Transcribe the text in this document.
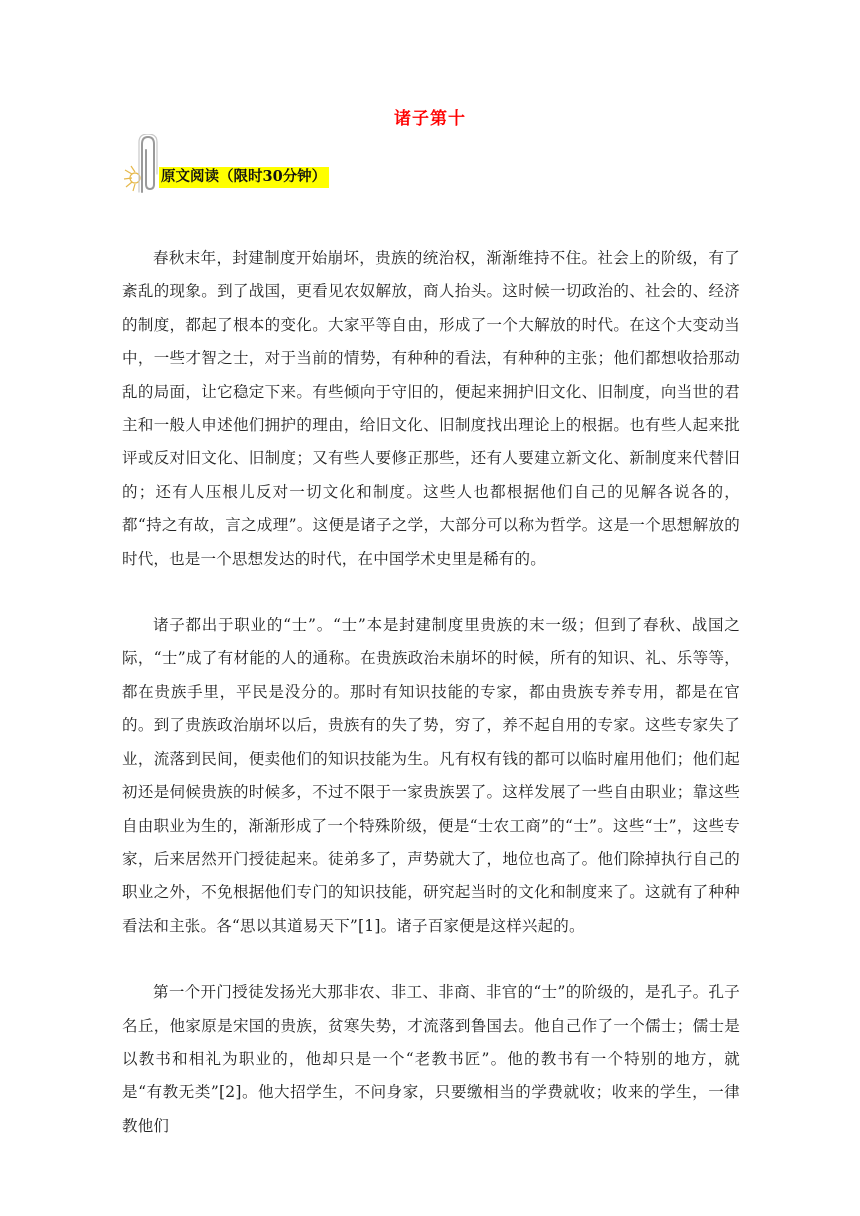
诸子第十
原文阅读（限时30分钟）

春秋末年，封建制度开始崩坏，贵族的统治权，渐渐维持不住。社会上的阶级，有了紊乱的现象。到了战国，更看见农奴解放，商人抬头。这时候一切政治的、社会的、经济的制度，都起了根本的变化。大家平等自由，形成了一个大解放的时代。在这个大变动当中，一些才智之士，对于当前的情势，有种种的看法，有种种的主张；他们都想收拾那动乱的局面，让它稳定下来。有些倾向于守旧的，便起来拥护旧文化、旧制度，向当世的君主和一般人申述他们拥护的理由，给旧文化、旧制度找出理论上的根据。也有些人起来批评或反对旧文化、旧制度；又有些人要修正那些，还有人要建立新文化、新制度来代替旧的；还有人压根儿反对一切文化和制度。这些人也都根据他们自己的见解各说各的，都“持之有故，言之成理”。这便是诸子之学，大部分可以称为哲学。这是一个思想解放的时代，也是一个思想发达的时代，在中国学术史里是稀有的。

诸子都出于职业的“士”。“士”本是封建制度里贵族的末一级；但到了春秋、战国之际，“士”成了有材能的人的通称。在贵族政治未崩坏的时候，所有的知识、礼、乐等等，都在贵族手里，平民是没分的。那时有知识技能的专家，都由贵族专养专用，都是在官的。到了贵族政治崩坏以后，贵族有的失了势，穷了，养不起自用的专家。这些专家失了业，流落到民间，便卖他们的知识技能为生。凡有权有钱的都可以临时雇用他们；他们起初还是伺候贵族的时候多，不过不限于一家贵族罢了。这样发展了一些自由职业；靠这些自由职业为生的，渐渐形成了一个特殊阶级，便是“士农工商”的“士”。这些“士”，这些专家，后来居然开门授徒起来。徒弟多了，声势就大了，地位也高了。他们除掉执行自己的职业之外，不免根据他们专门的知识技能，研究起当时的文化和制度来了。这就有了种种看法和主张。各“思以其道易天下”[1]。诸子百家便是这样兴起的。

第一个开门授徒发扬光大那非农、非工、非商、非官的“士”的阶级的，是孔子。孔子名丘，他家原是宋国的贵族，贫寒失势，才流落到鲁国去。他自己作了一个儒士；儒士是以教书和相礼为职业的，他却只是一个“老教书匠”。他的教书有一个特别的地方，就是“有教无类”[2]。他大招学生，不问身家，只要缴相当的学费就收；收来的学生，一律教他们
